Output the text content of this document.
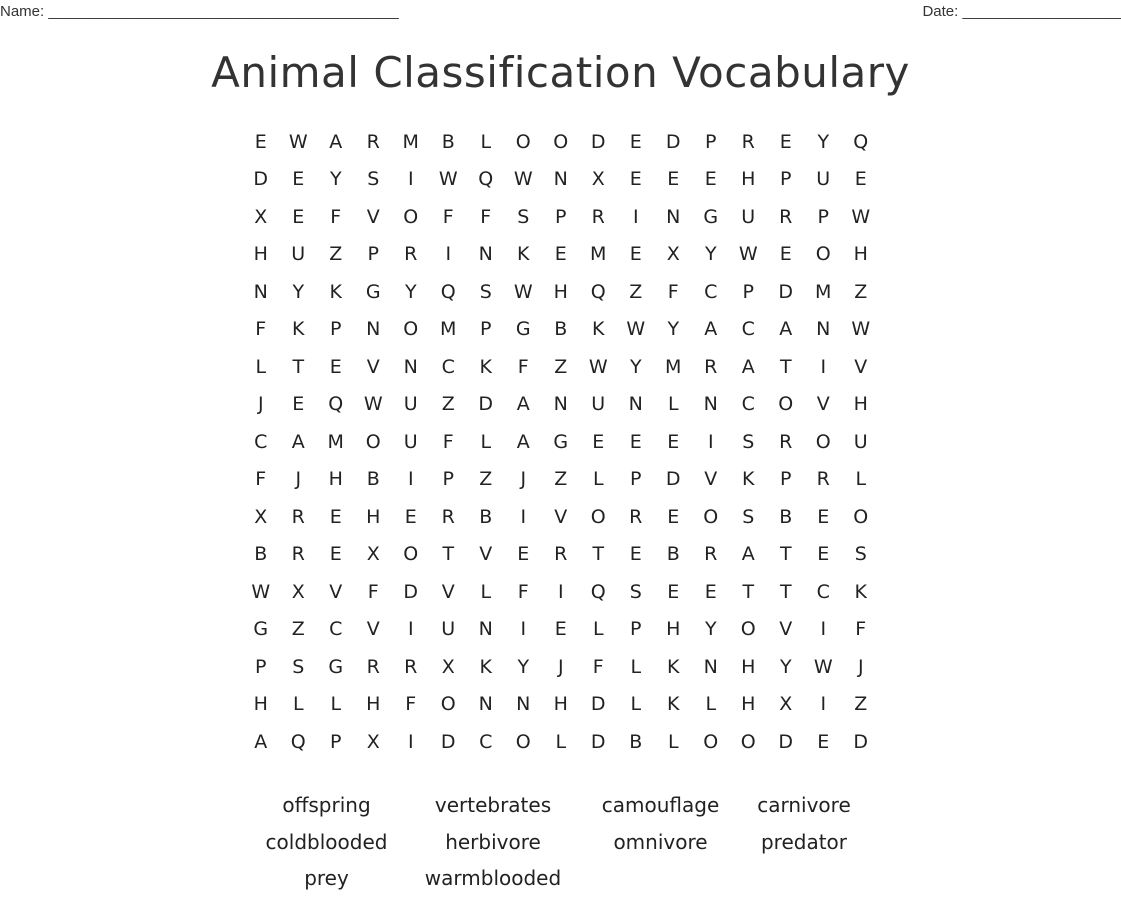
Name: __________________________________________	Date: ___________________
Animal Classification Vocabulary
E	W	A	R	M	B	L	O	O	D	E	D	P	R	E	Y	Q
D	E	Y	S	I	W	Q	W	N	X	E	E	E	H	P	U	E
X	E	F	V	O	F	F	S	P	R	I	N	G	U	R	P	W
H	U	Z	P	R	I	N	K	E	M	E	X	Y	W	E	O	H
N	Y	K	G	Y	Q	S	W	H	Q	Z	F	C	P	D	M	Z
F	K	P	N	O	M	P	G	B	K	W	Y	A	C	A	N	W
L	T	E	V	N	C	K	F	Z	W	Y	M	R	A	T	I	V
J	E	Q	W	U	Z	D	A	N	U	N	L	N	C	O	V	H
C	A	M	O	U	F	L	A	G	E	E	E	I	S	R	O	U
F	J	H	B	I	P	Z	J	Z	L	P	D	V	K	P	R	L
X	R	E	H	E	R	B	I	V	O	R	E	O	S	B	E	O
B	R	E	X	O	T	V	E	R	T	E	B	R	A	T	E	S
W	X	V	F	D	V	L	F	I	Q	S	E	E	T	T	C	K
G	Z	C	V	I	U	N	I	E	L	P	H	Y	O	V	I	F
P	S	G	R	R	X	K	Y	J	F	L	K	N	H	Y	W	J
H	L	L	H	F	O	N	N	H	D	L	K	L	H	X	I	Z
A	Q	P	X	I	D	C	O	L	D	B	L	O	O	D	E	D
offspring	vertebrates	camouflage	carnivore
coldblooded	herbivore	omnivore	predator
prey	warmblooded
